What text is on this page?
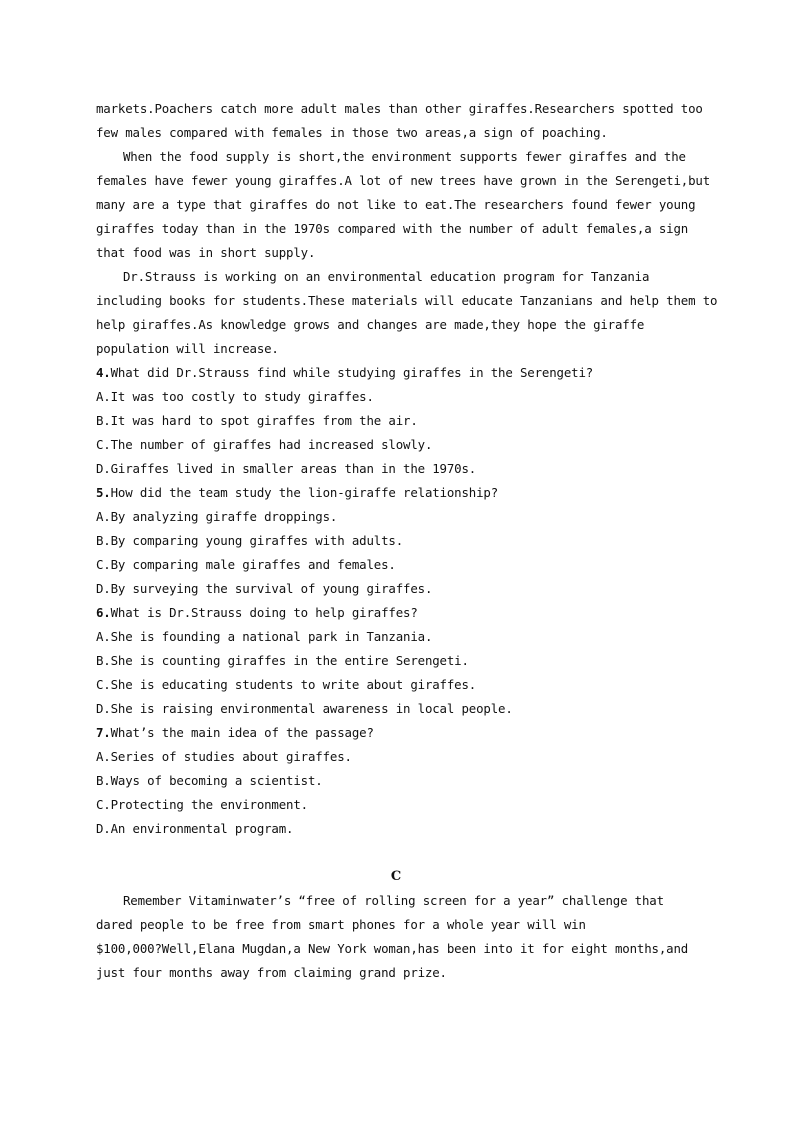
markets.Poachers catch more adult males than other giraffes.Researchers spotted too
few males compared with females in those two areas,a sign of poaching.
When the food supply is short,the environment supports fewer giraffes and the
females have fewer young giraffes.A lot of new trees have grown in the Serengeti,but
many are a type that giraffes do not like to eat.The researchers found fewer young
giraffes today than in the 1970s compared with the number of adult females,a sign
that food was in short supply.
Dr.Strauss is working on an environmental education program for Tanzania
including books for students.These materials will educate Tanzanians and help them to
help giraffes.As knowledge grows and changes are made,they hope the giraffe
population will increase.
4.What did Dr.Strauss find while studying giraffes in the Serengeti?
A.It was too costly to study giraffes.
B.It was hard to spot giraffes from the air.
C.The number of giraffes had increased slowly.
D.Giraffes lived in smaller areas than in the 1970s.
5.How did the team study the lion-giraffe relationship?
A.By analyzing giraffe droppings.
B.By comparing young giraffes with adults.
C.By comparing male giraffes and females.
D.By surveying the survival of young giraffes.
6.What is Dr.Strauss doing to help giraffes?
A.She is founding a national park in Tanzania.
B.She is counting giraffes in the entire Serengeti.
C.She is educating students to write about giraffes.
D.She is raising environmental awareness in local people.
7.What’s the main idea of the passage?
A.Series of studies about giraffes.
B.Ways of becoming a scientist.
C.Protecting the environment.
D.An environmental program.
C
Remember Vitaminwater’s “free of rolling screen for a year” challenge that
dared people to be free from smart phones for a whole year will win
$100,000?Well,Elana Mugdan,a New York woman,has been into it for eight months,and
just four months away from claiming grand prize.
